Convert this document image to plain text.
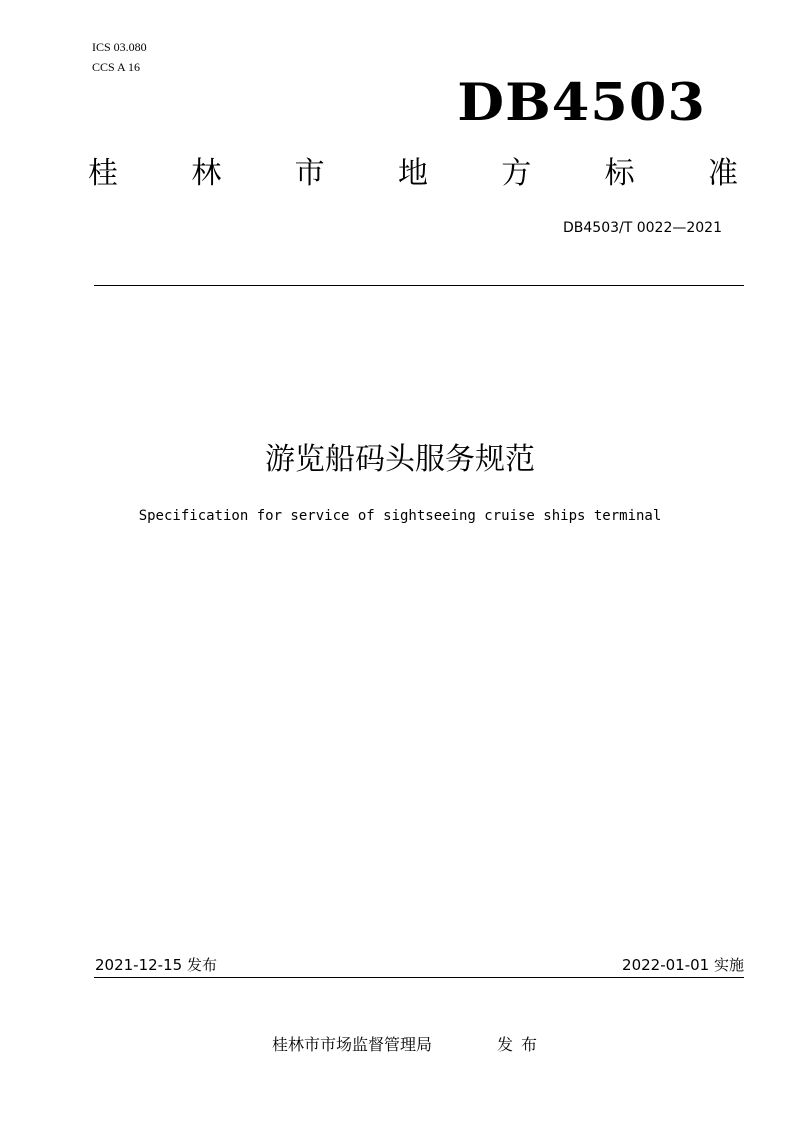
ICS 03.080
CCS A 16
DB4503
桂 林 市 地 方 标 准
DB4503/T 0022—2021
游览船码头服务规范
Specification for service of sightseeing cruise ships terminal
2021-12-15 发布	2022-01-01 实施
桂林市市场监督管理局	发布
